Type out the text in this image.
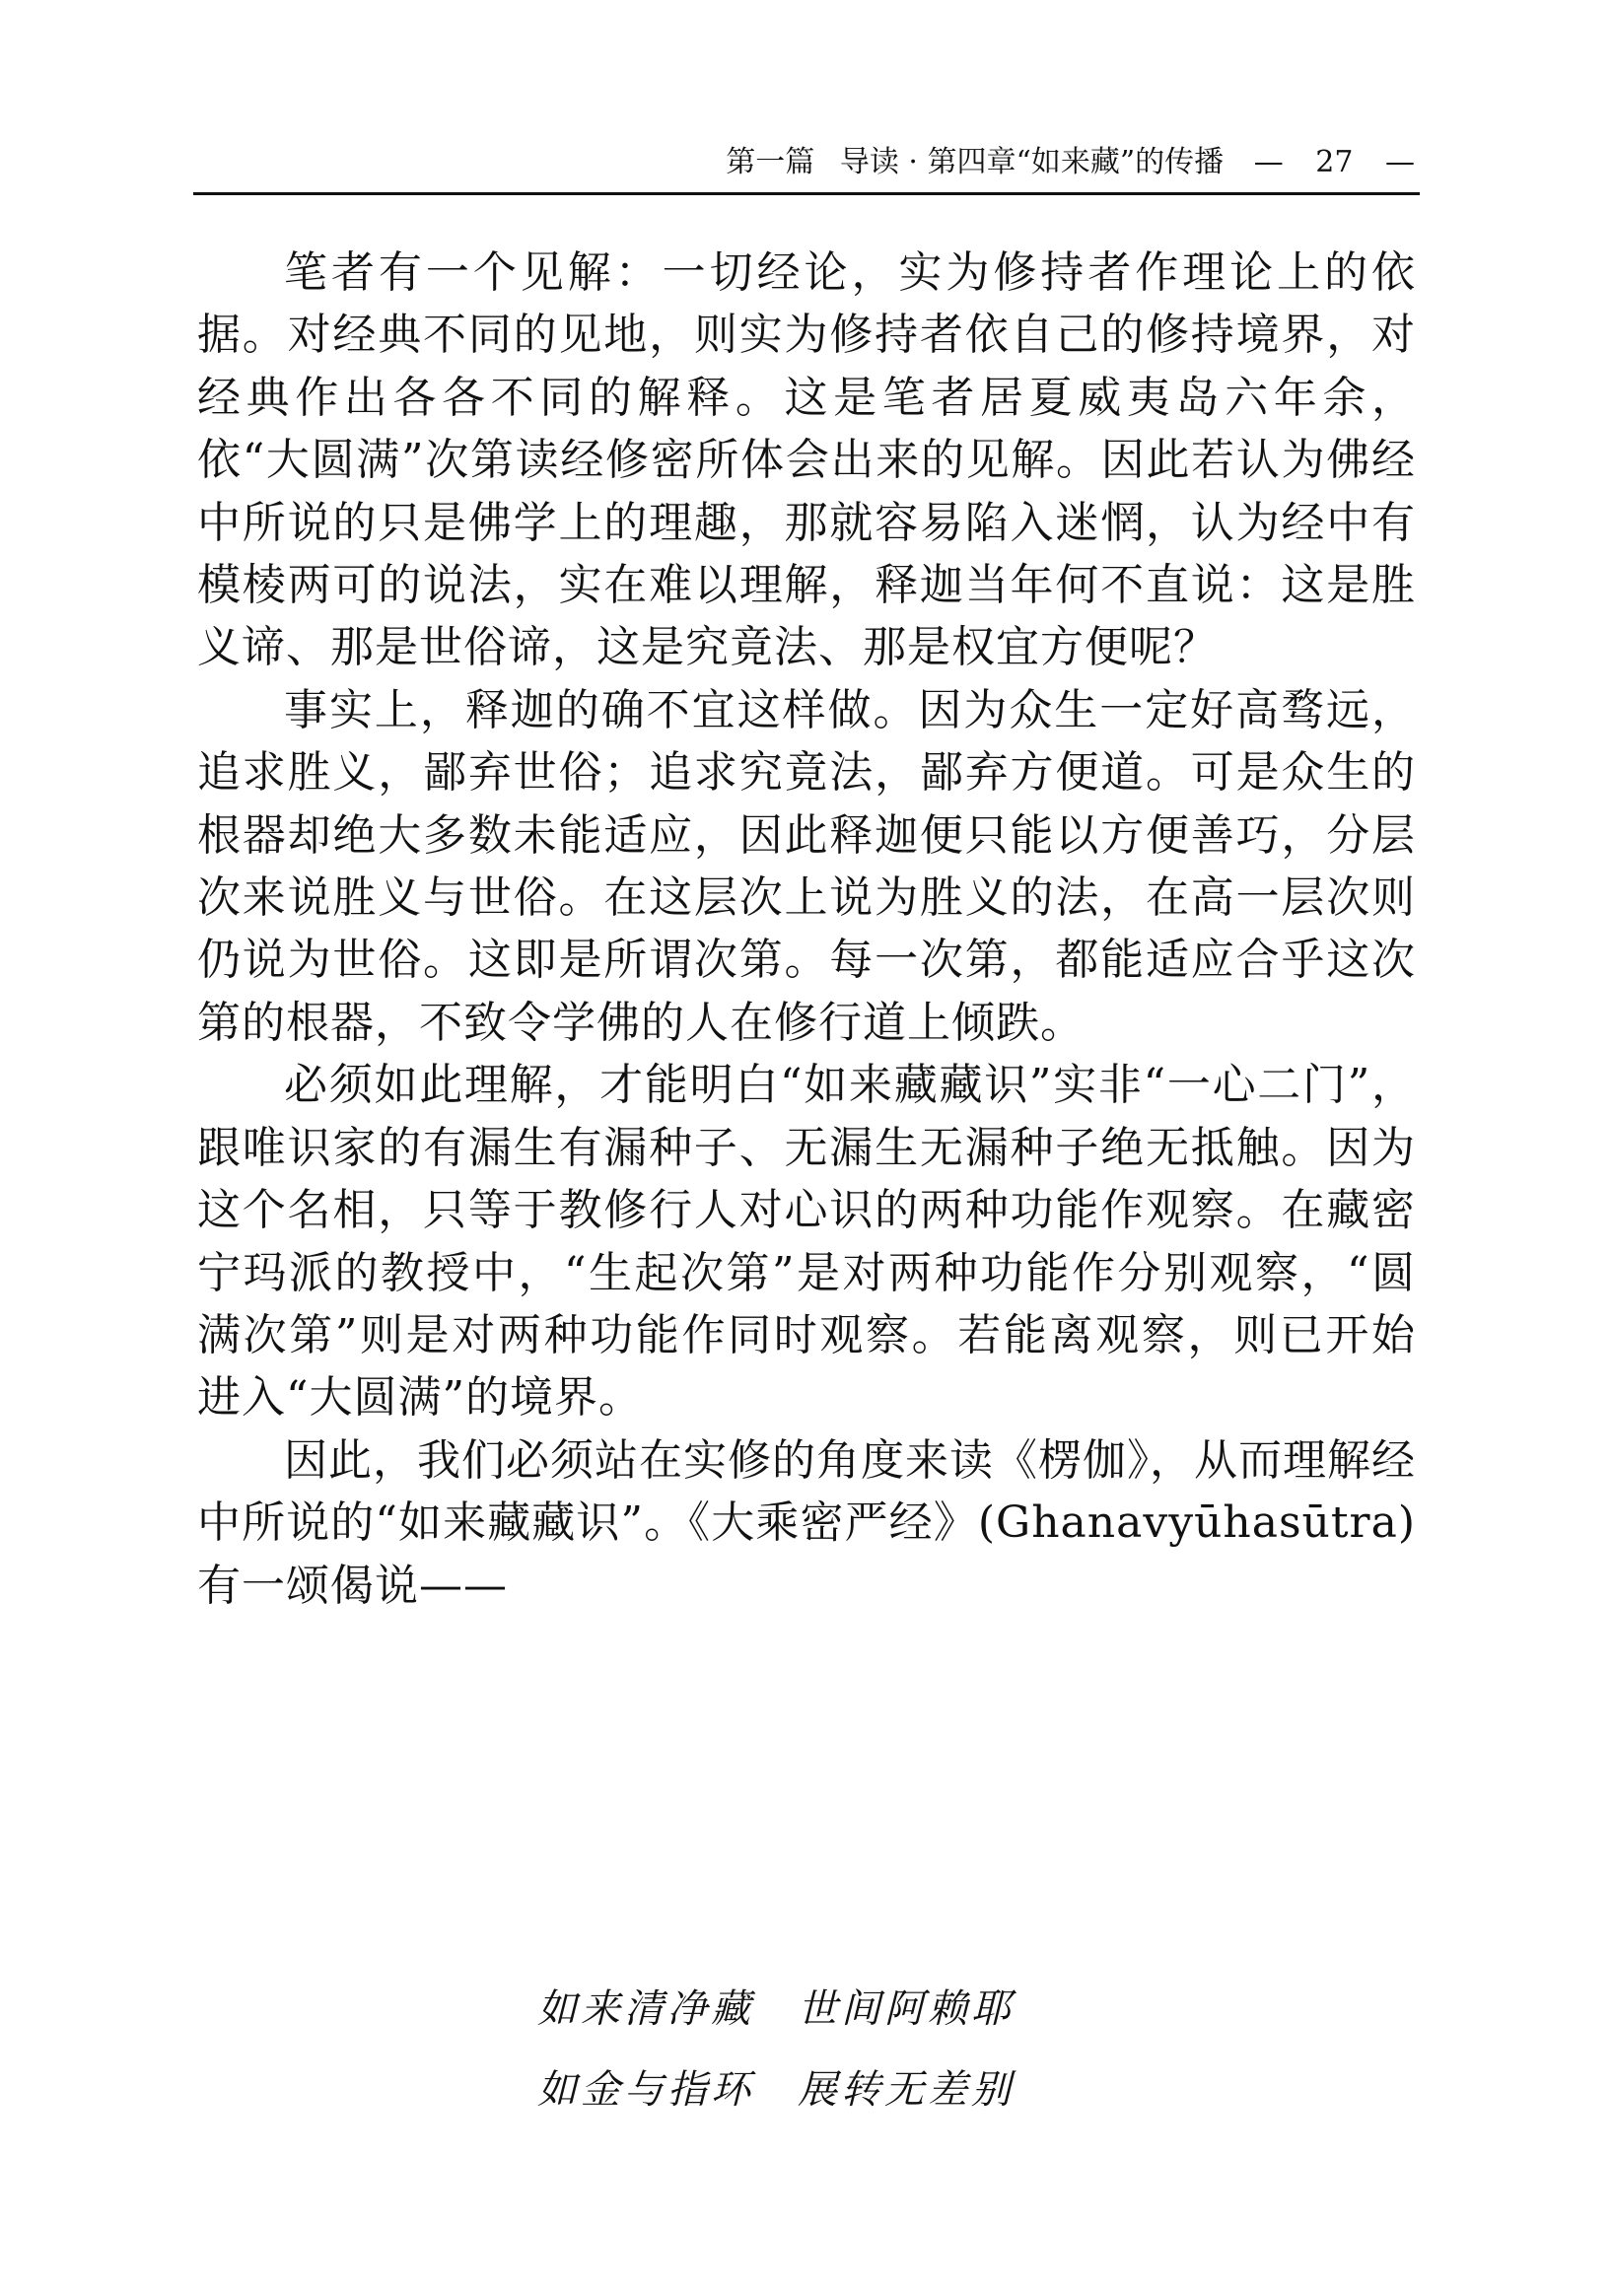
第一篇 导读 · 第四章“如来藏”的传播 — 27 —

笔者有一个见解：一切经论，实为修持者作理论上的依据。对经典不同的见地，则实为修持者依自己的修持境界，对经典作出各各不同的解释。这是笔者居夏威夷岛六年余，依“大圆满”次第读经修密所体会出来的见解。因此若认为佛经中所说的只是佛学上的理趣，那就容易陷入迷惘，认为经中有模棱两可的说法，实在难以理解，释迦当年何不直说：这是胜义谛、那是世俗谛，这是究竟法、那是权宜方便呢？

事实上，释迦的确不宜这样做。因为众生一定好高骛远，追求胜义，鄙弃世俗；追求究竟法，鄙弃方便道。可是众生的根器却绝大多数未能适应，因此释迦便只能以方便善巧，分层次来说胜义与世俗。在这层次上说为胜义的法，在高一层次则仍说为世俗。这即是所谓次第。每一次第，都能适应合乎这次第的根器，不致令学佛的人在修行道上倾跌。

必须如此理解，才能明白“如来藏藏识”实非“一心二门”，跟唯识家的有漏生有漏种子、无漏生无漏种子绝无抵触。因为这个名相，只等于教修行人对心识的两种功能作观察。在藏密宁玛派的教授中，“生起次第”是对两种功能作分别观察，“圆满次第”则是对两种功能作同时观察。若能离观察，则已开始进入“大圆满”的境界。

因此，我们必须站在实修的角度来读《楞伽》，从而理解经中所说的“如来藏藏识”。《大乘密严经》(Ghanavyūhasūtra)有一颂偈说——

如来清净藏 世间阿赖耶
如金与指环 展转无差别
